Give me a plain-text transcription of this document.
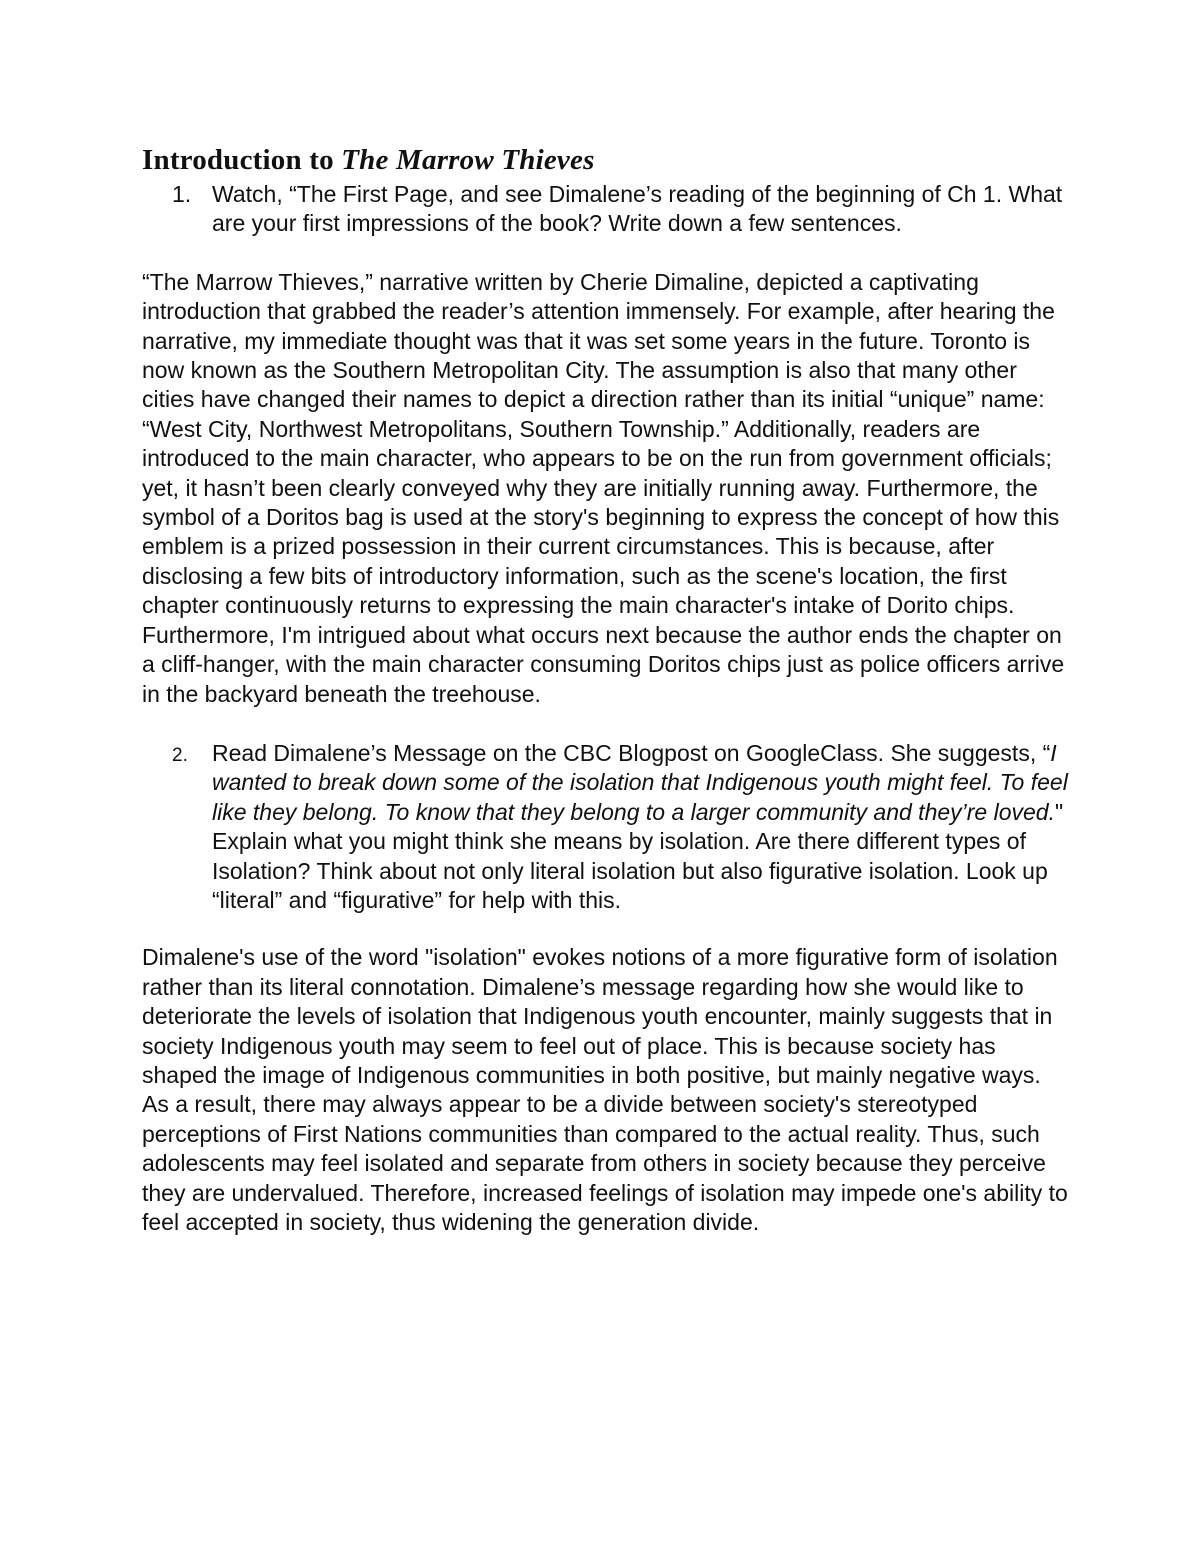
Introduction to The Marrow Thieves
1. Watch, “The First Page, and see Dimalene’s reading of the beginning of Ch 1. What are your first impressions of the book? Write down a few sentences.

“The Marrow Thieves,” narrative written by Cherie Dimaline, depicted a captivating introduction that grabbed the reader’s attention immensely. For example, after hearing the narrative, my immediate thought was that it was set some years in the future. Toronto is now known as the Southern Metropolitan City. The assumption is also that many other cities have changed their names to depict a direction rather than its initial “unique” name: “West City, Northwest Metropolitans, Southern Township.” Additionally, readers are introduced to the main character, who appears to be on the run from government officials; yet, it hasn’t been clearly conveyed why they are initially running away. Furthermore, the symbol of a Doritos bag is used at the story's beginning to express the concept of how this emblem is a prized possession in their current circumstances. This is because, after disclosing a few bits of introductory information, such as the scene's location, the first chapter continuously returns to expressing the main character's intake of Dorito chips. Furthermore, I'm intrigued about what occurs next because the author ends the chapter on a cliff-hanger, with the main character consuming Doritos chips just as police officers arrive in the backyard beneath the treehouse.

2.	Read Dimalene’s Message on the CBC Blogpost on GoogleClass. She suggests, “I wanted to break down some of the isolation that Indigenous youth might feel. To feel like they belong. To know that they belong to a larger community and they’re loved." Explain what you might think she means by isolation. Are there different types of Isolation? Think about not only literal isolation but also figurative isolation. Look up “literal” and “figurative” for help with this.

Dimalene's use of the word "isolation" evokes notions of a more figurative form of isolation rather than its literal connotation. Dimalene’s message regarding how she would like to deteriorate the levels of isolation that Indigenous youth encounter, mainly suggests that in society Indigenous youth may seem to feel out of place. This is because society has shaped the image of Indigenous communities in both positive, but mainly negative ways. As a result, there may always appear to be a divide between society's stereotyped perceptions of First Nations communities than compared to the actual reality. Thus, such adolescents may feel isolated and separate from others in society because they perceive they are undervalued. Therefore, increased feelings of isolation may impede one's ability to feel accepted in society, thus widening the generation divide.
